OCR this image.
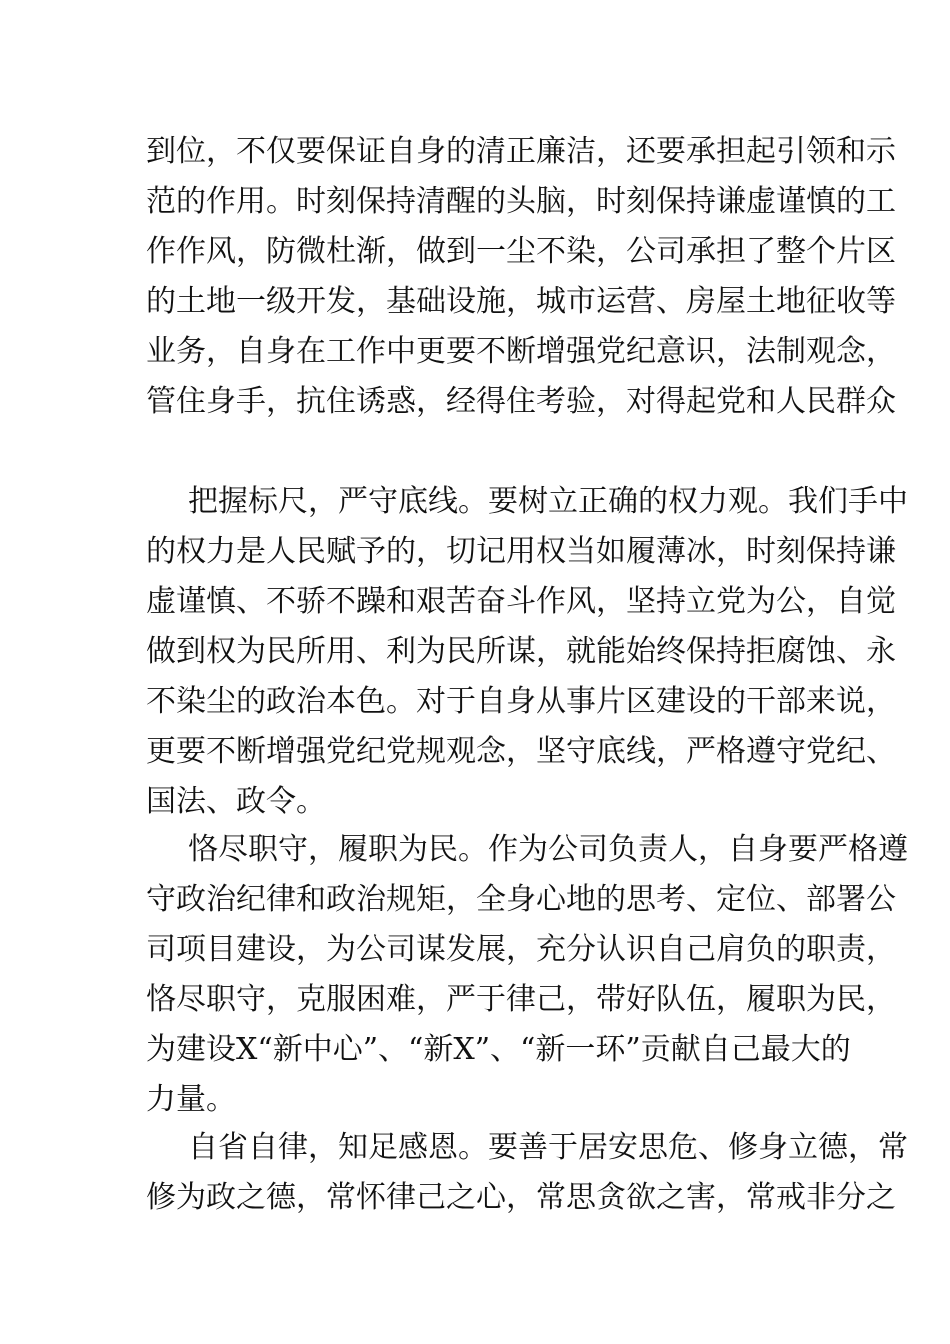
到位，不仅要保证自身的清正廉洁，还要承担起引领和示
范的作用。时刻保持清醒的头脑，时刻保持谦虚谨慎的工
作作风，防微杜渐，做到一尘不染，公司承担了整个片区
的土地一级开发，基础设施，城市运营、房屋土地征收等
业务，自身在工作中更要不断增强党纪意识，法制观念，
管住身手，抗住诱惑，经得住考验，对得起党和人民群众
把握标尺，严守底线。要树立正确的权力观。我们手中
的权力是人民赋予的，切记用权当如履薄冰，时刻保持谦
虚谨慎、不骄不躁和艰苦奋斗作风，坚持立党为公，自觉
做到权为民所用、利为民所谋，就能始终保持拒腐蚀、永
不染尘的政治本色。对于自身从事片区建设的干部来说，
更要不断增强党纪党规观念，坚守底线，严格遵守党纪、
国法、政令。
恪尽职守，履职为民。作为公司负责人，自身要严格遵
守政治纪律和政治规矩，全身心地的思考、定位、部署公
司项目建设，为公司谋发展，充分认识自己肩负的职责，
恪尽职守，克服困难，严于律己，带好队伍，履职为民，
为建设X“新中心”、“新X”、“新一环”贡献自己最大的
力量。
自省自律，知足感恩。要善于居安思危、修身立德，常
修为政之德，常怀律己之心，常思贪欲之害，常戒非分之
